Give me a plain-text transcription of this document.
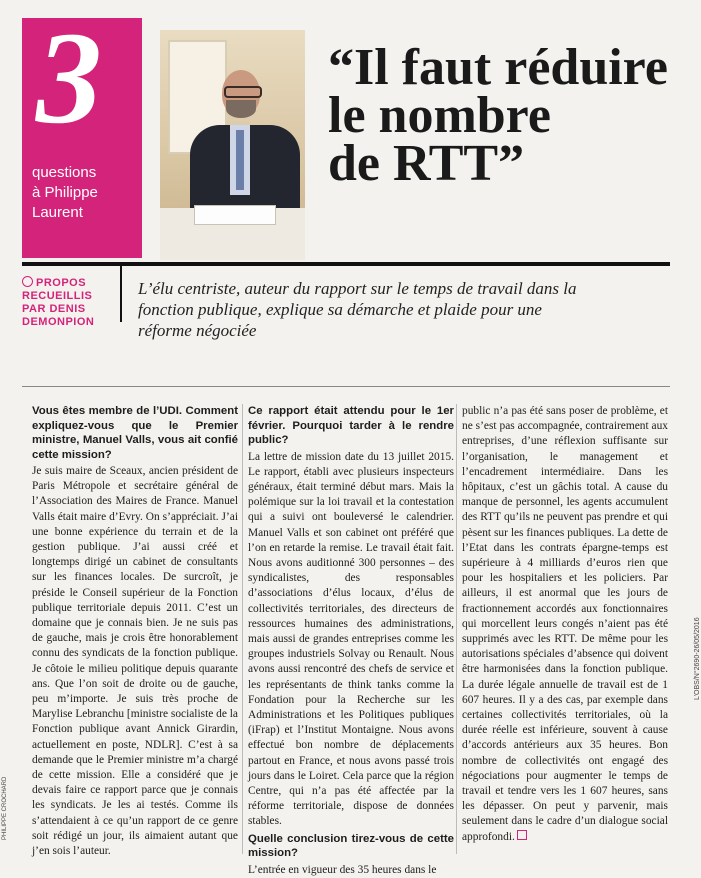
3
questions
à Philippe
Laurent
“Il faut réduire
le nombre
de RTT”
PROPOS
RECUEILLIS
PAR DENIS
DEMONPION
L’élu centriste, auteur du rapport sur le temps de travail dans la fonction publique, explique sa démarche et plaide pour une réforme négociée
Vous êtes membre de l’UDI. Comment expliquez-vous que le Premier ministre, Manuel Valls, vous ait confié cette mission?

Je suis maire de Sceaux, ancien président de Paris Métropole et secrétaire général de l’Association des Maires de France. Manuel Valls était maire d’Evry. On s’appréciait. J’ai une bonne expérience du terrain et de la gestion publique. J’ai aussi créé et longtemps dirigé un cabinet de consultants sur les finances locales. De surcroît, je préside le Conseil supérieur de la Fonction publique territoriale depuis 2011. C’est un domaine que je connais bien. Je ne suis pas de gauche, mais je crois être honorablement connu des syndicats de la fonction publique. Je côtoie le milieu politique depuis quarante ans. Que l’on soit de droite ou de gauche, peu m’importe. Je suis très proche de Marylise Lebranchu [ministre socialiste de la Fonction publique avant Annick Girardin, actuellement en poste, NDLR]. C’est à sa demande que le Premier ministre m’a chargé de cette mission. Elle a considéré que je devais faire ce rapport parce que je connais les syndicats. Je les ai testés. Comme ils s’attendaient à ce qu’un rapport de ce genre soit rédigé un jour, ils aimaient autant que j’en sois l’auteur.

Ce rapport était attendu pour le 1er février. Pourquoi tarder à le rendre public?

La lettre de mission date du 13 juillet 2015. Le rapport, établi avec plusieurs inspecteurs généraux, était terminé début mars. Mais la polémique sur la loi travail et la contestation qui a suivi ont bouleversé le calendrier. Manuel Valls et son cabinet ont préféré que l’on en retarde la remise. Le travail était fait. Nous avons auditionné 300 personnes – des syndicalistes, des responsables d’associations d’élus locaux, d’élus de collectivités territoriales, des directeurs de ressources humaines des administrations, mais aussi de grandes entreprises comme les groupes industriels Solvay ou Renault. Nous avons aussi rencontré des chefs de service et les représentants de think tanks comme la Fondation pour la Recherche sur les Administrations et les Politiques publiques (iFrap) et l’Institut Montaigne. Nous avons effectué bon nombre de déplacements partout en France, et nous avons passé trois jours dans le Loiret. Cela parce que la région Centre, qui n’a pas été affectée par la réforme territoriale, dispose de données stables.

Quelle conclusion tirez-vous de cette mission?

L’entrée en vigueur des 35 heures dans le

public n’a pas été sans poser de problème, et ne s’est pas accompagnée, contrairement aux entreprises, d’une réflexion suffisante sur l’organisation, le management et l’encadrement intermédiaire. Dans les hôpitaux, c’est un gâchis total. A cause du manque de personnel, les agents accumulent des RTT qu’ils ne peuvent pas prendre et qui pèsent sur les finances publiques. La dette de l’Etat dans les contrats épargne-temps est supérieure à 4 milliards d’euros rien que pour les hospitaliers et les policiers. Par ailleurs, il est anormal que les jours de fractionnement accordés aux fonctionnaires qui morcellent leurs congés n’aient pas été supprimés avec les RTT. De même pour les autorisations spéciales d’absence qui doivent être harmonisées dans la fonction publique. La durée légale annuelle de travail est de 1 607 heures. Il y a des cas, par exemple dans certaines collectivités territoriales, où la durée réelle est inférieure, souvent à cause d’accords antérieurs aux 35 heures. Bon nombre de collectivités ont engagé des négociations pour augmenter le temps de travail et tendre vers les 1 607 heures, sans les dépasser. On peut y parvenir, mais seulement dans le cadre d’un dialogue social approfondi.

PHILIPPE CROCHARD
L’OBS/N°2690-26/05/2016
